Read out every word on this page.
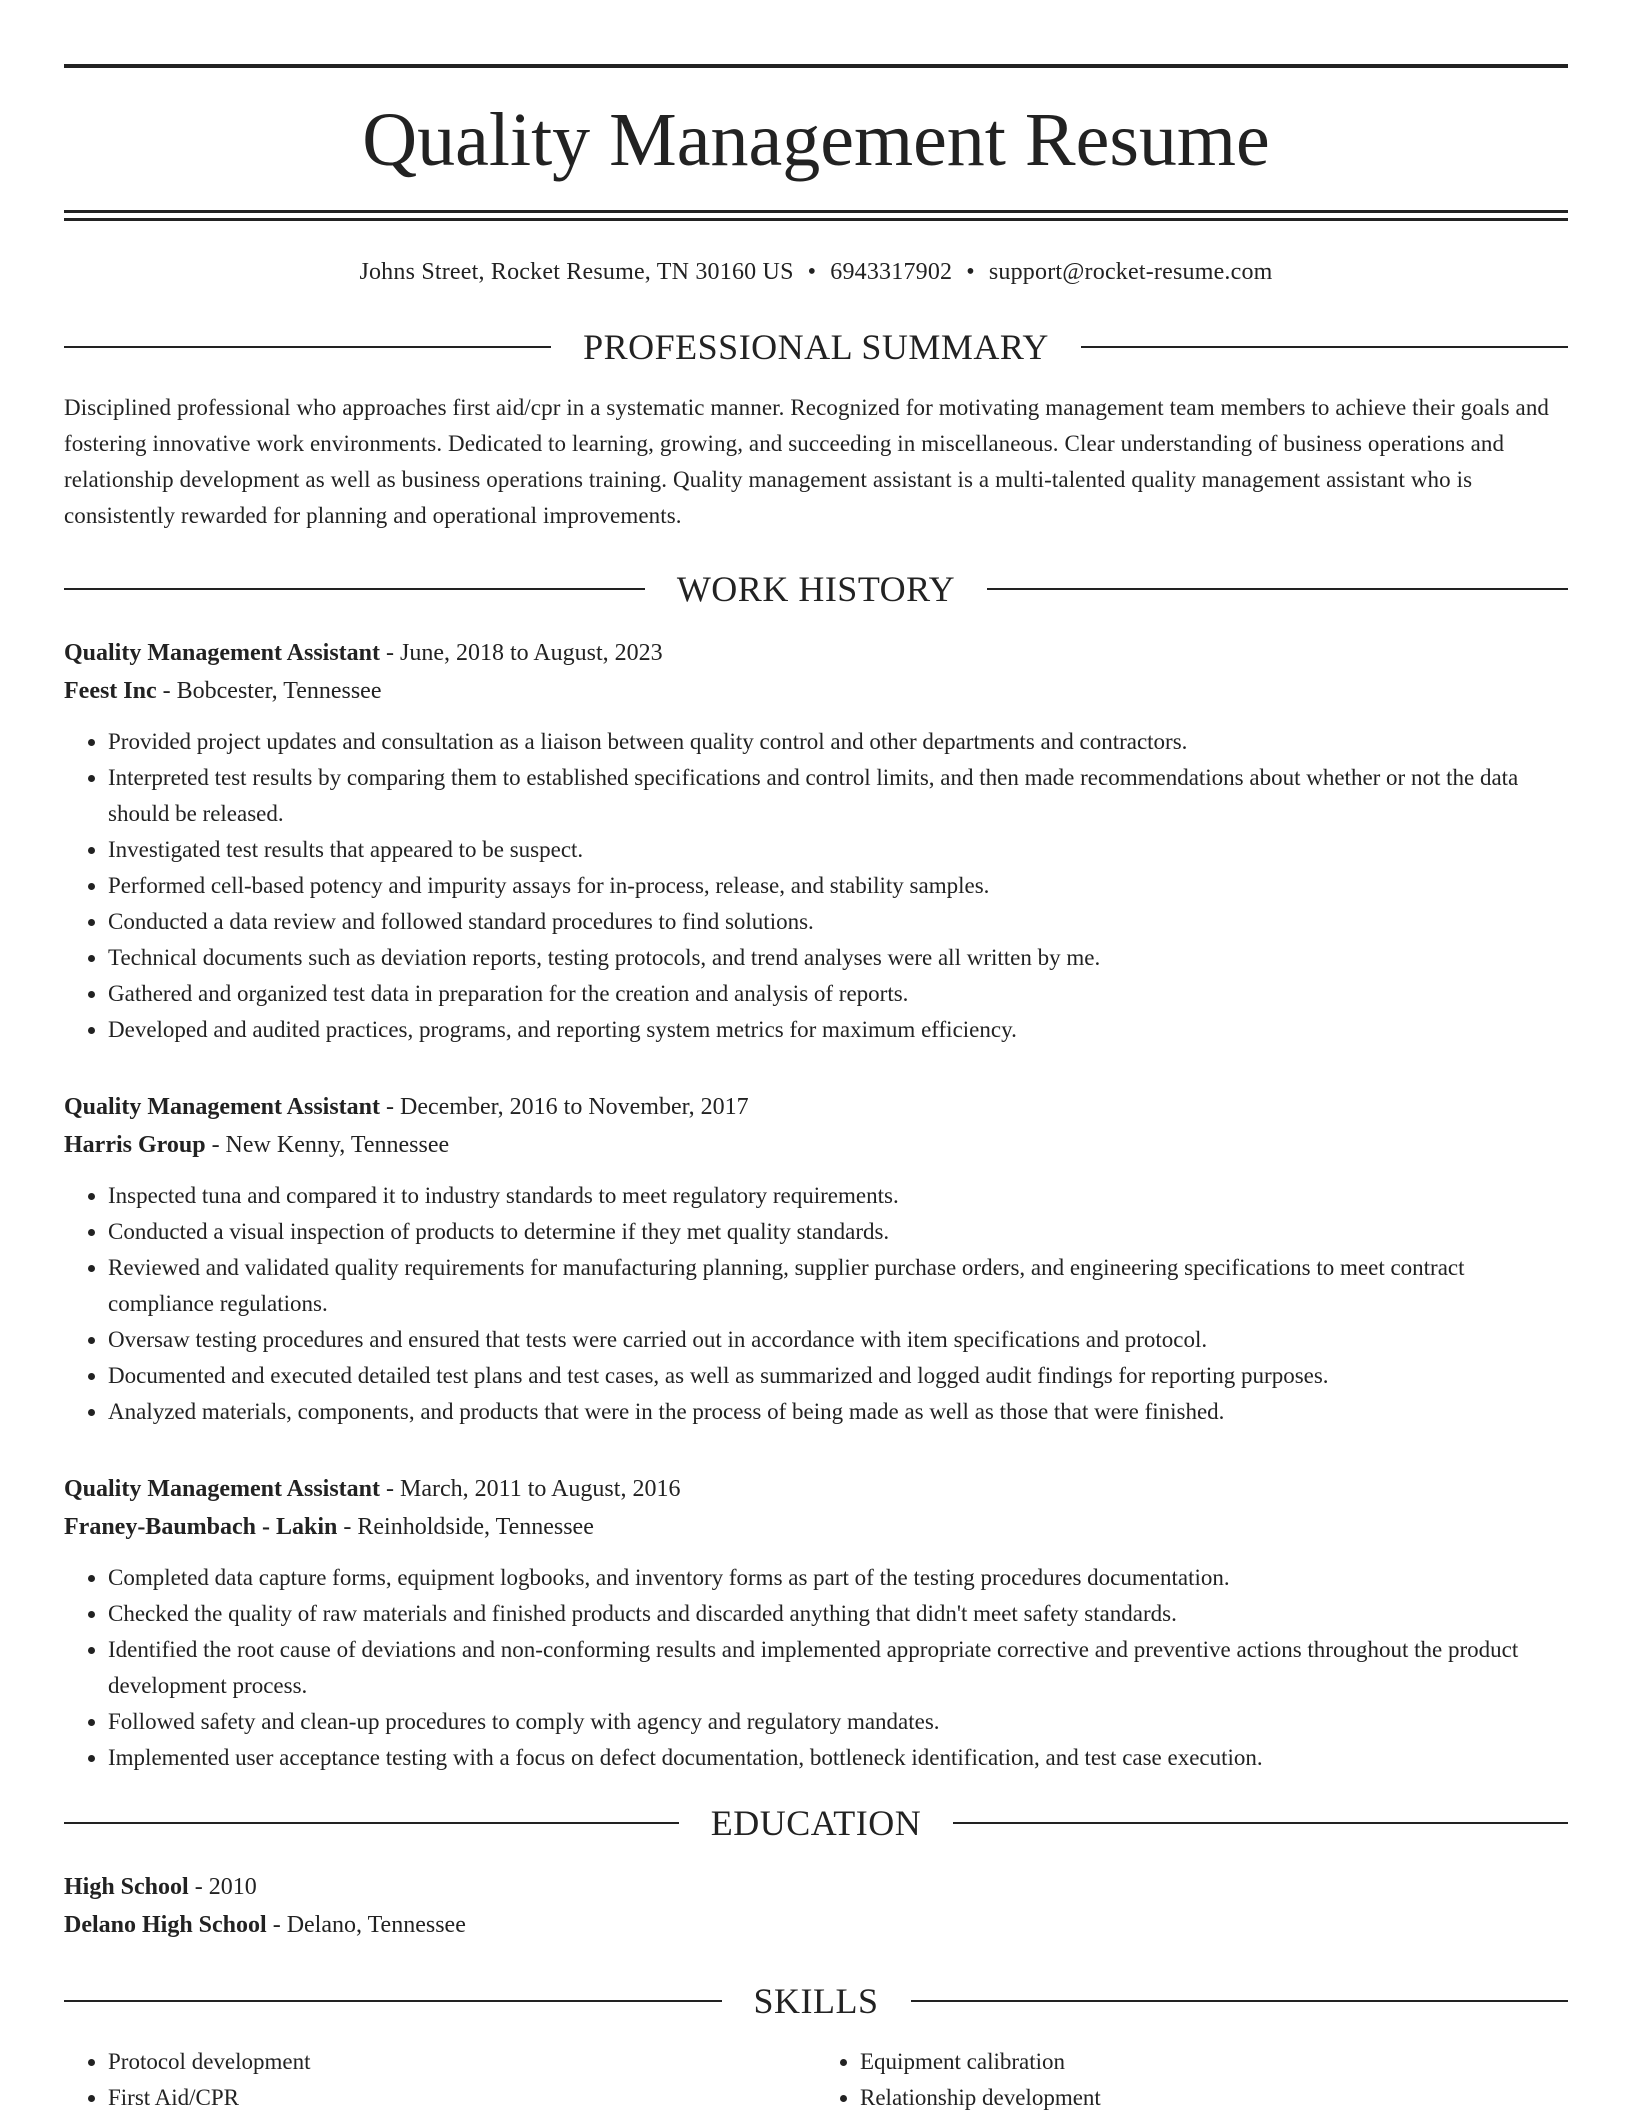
Quality Management Resume
Johns Street, Rocket Resume, TN 30160 US • 6943317902 • support@rocket-resume.com
PROFESSIONAL SUMMARY
Disciplined professional who approaches first aid/cpr in a systematic manner. Recognized for motivating management team members to achieve their goals and fostering innovative work environments. Dedicated to learning, growing, and succeeding in miscellaneous. Clear understanding of business operations and relationship development as well as business operations training. Quality management assistant is a multi-talented quality management assistant who is consistently rewarded for planning and operational improvements.
WORK HISTORY
Quality Management Assistant - June, 2018 to August, 2023
Feest Inc - Bobcester, Tennessee
• Provided project updates and consultation as a liaison between quality control and other departments and contractors.
• Interpreted test results by comparing them to established specifications and control limits, and then made recommendations about whether or not the data should be released.
• Investigated test results that appeared to be suspect.
• Performed cell-based potency and impurity assays for in-process, release, and stability samples.
• Conducted a data review and followed standard procedures to find solutions.
• Technical documents such as deviation reports, testing protocols, and trend analyses were all written by me.
• Gathered and organized test data in preparation for the creation and analysis of reports.
• Developed and audited practices, programs, and reporting system metrics for maximum efficiency.
Quality Management Assistant - December, 2016 to November, 2017
Harris Group - New Kenny, Tennessee
• Inspected tuna and compared it to industry standards to meet regulatory requirements.
• Conducted a visual inspection of products to determine if they met quality standards.
• Reviewed and validated quality requirements for manufacturing planning, supplier purchase orders, and engineering specifications to meet contract compliance regulations.
• Oversaw testing procedures and ensured that tests were carried out in accordance with item specifications and protocol.
• Documented and executed detailed test plans and test cases, as well as summarized and logged audit findings for reporting purposes.
• Analyzed materials, components, and products that were in the process of being made as well as those that were finished.
Quality Management Assistant - March, 2011 to August, 2016
Franey-Baumbach - Lakin - Reinholdside, Tennessee
• Completed data capture forms, equipment logbooks, and inventory forms as part of the testing procedures documentation.
• Checked the quality of raw materials and finished products and discarded anything that didn't meet safety standards.
• Identified the root cause of deviations and non-conforming results and implemented appropriate corrective and preventive actions throughout the product development process.
• Followed safety and clean-up procedures to comply with agency and regulatory mandates.
• Implemented user acceptance testing with a focus on defect documentation, bottleneck identification, and test case execution.
EDUCATION
High School - 2010
Delano High School - Delano, Tennessee
SKILLS
• Protocol development
• First Aid/CPR
• Equipment calibration
• Relationship development
